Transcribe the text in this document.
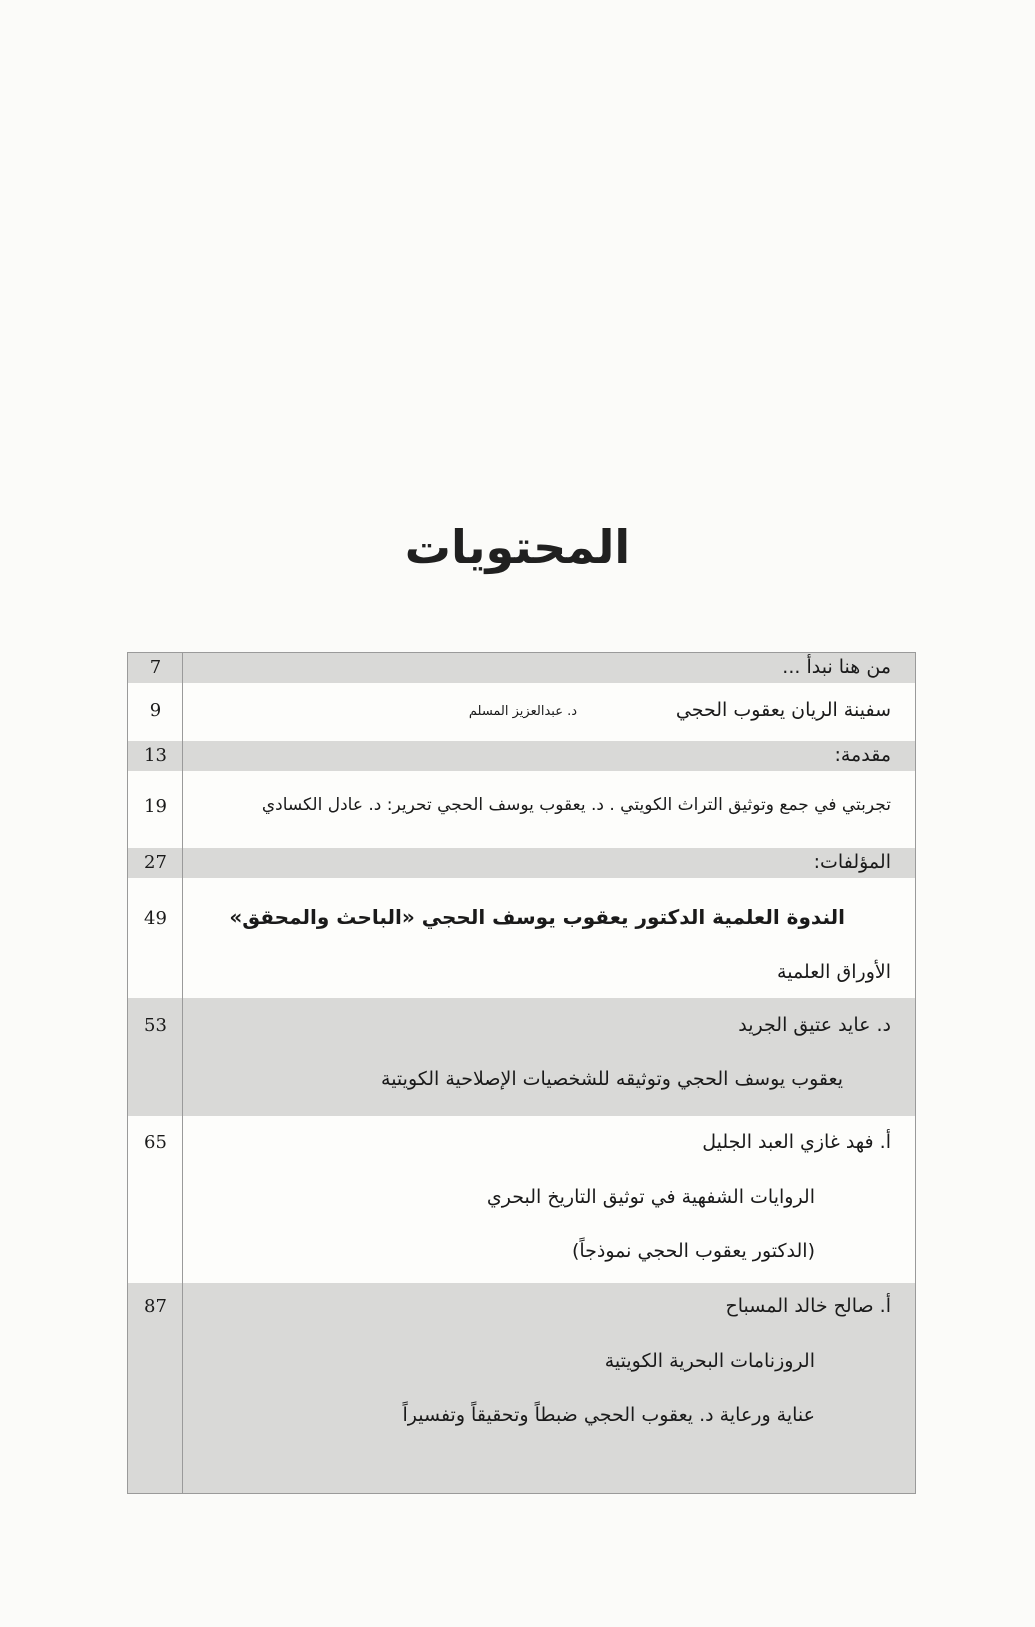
المحتويات
من هنا نبدأ ...
7
سفينة الريان يعقوب الحجي
د. عبدالعزيز المسلم
9
مقدمة:
13
تجربتي في جمع وتوثيق التراث الكويتي . د. يعقوب يوسف الحجي تحرير: د. عادل الكسادي
19
المؤلفات:
27
الندوة العلمية الدكتور يعقوب يوسف الحجي «الباحث والمحقق»
الأوراق العلمية
49
د. عايد عتيق الجريد
يعقوب يوسف الحجي وتوثيقه للشخصيات الإصلاحية الكويتية
53
أ. فهد غازي العبد الجليل
الروايات الشفهية في توثيق التاريخ البحري
(الدكتور يعقوب الحجي نموذجاً)
65
أ. صالح خالد المسباح
الروزنامات البحرية الكويتية
عناية ورعاية د. يعقوب الحجي ضبطاً وتحقيقاً وتفسيراً
87
